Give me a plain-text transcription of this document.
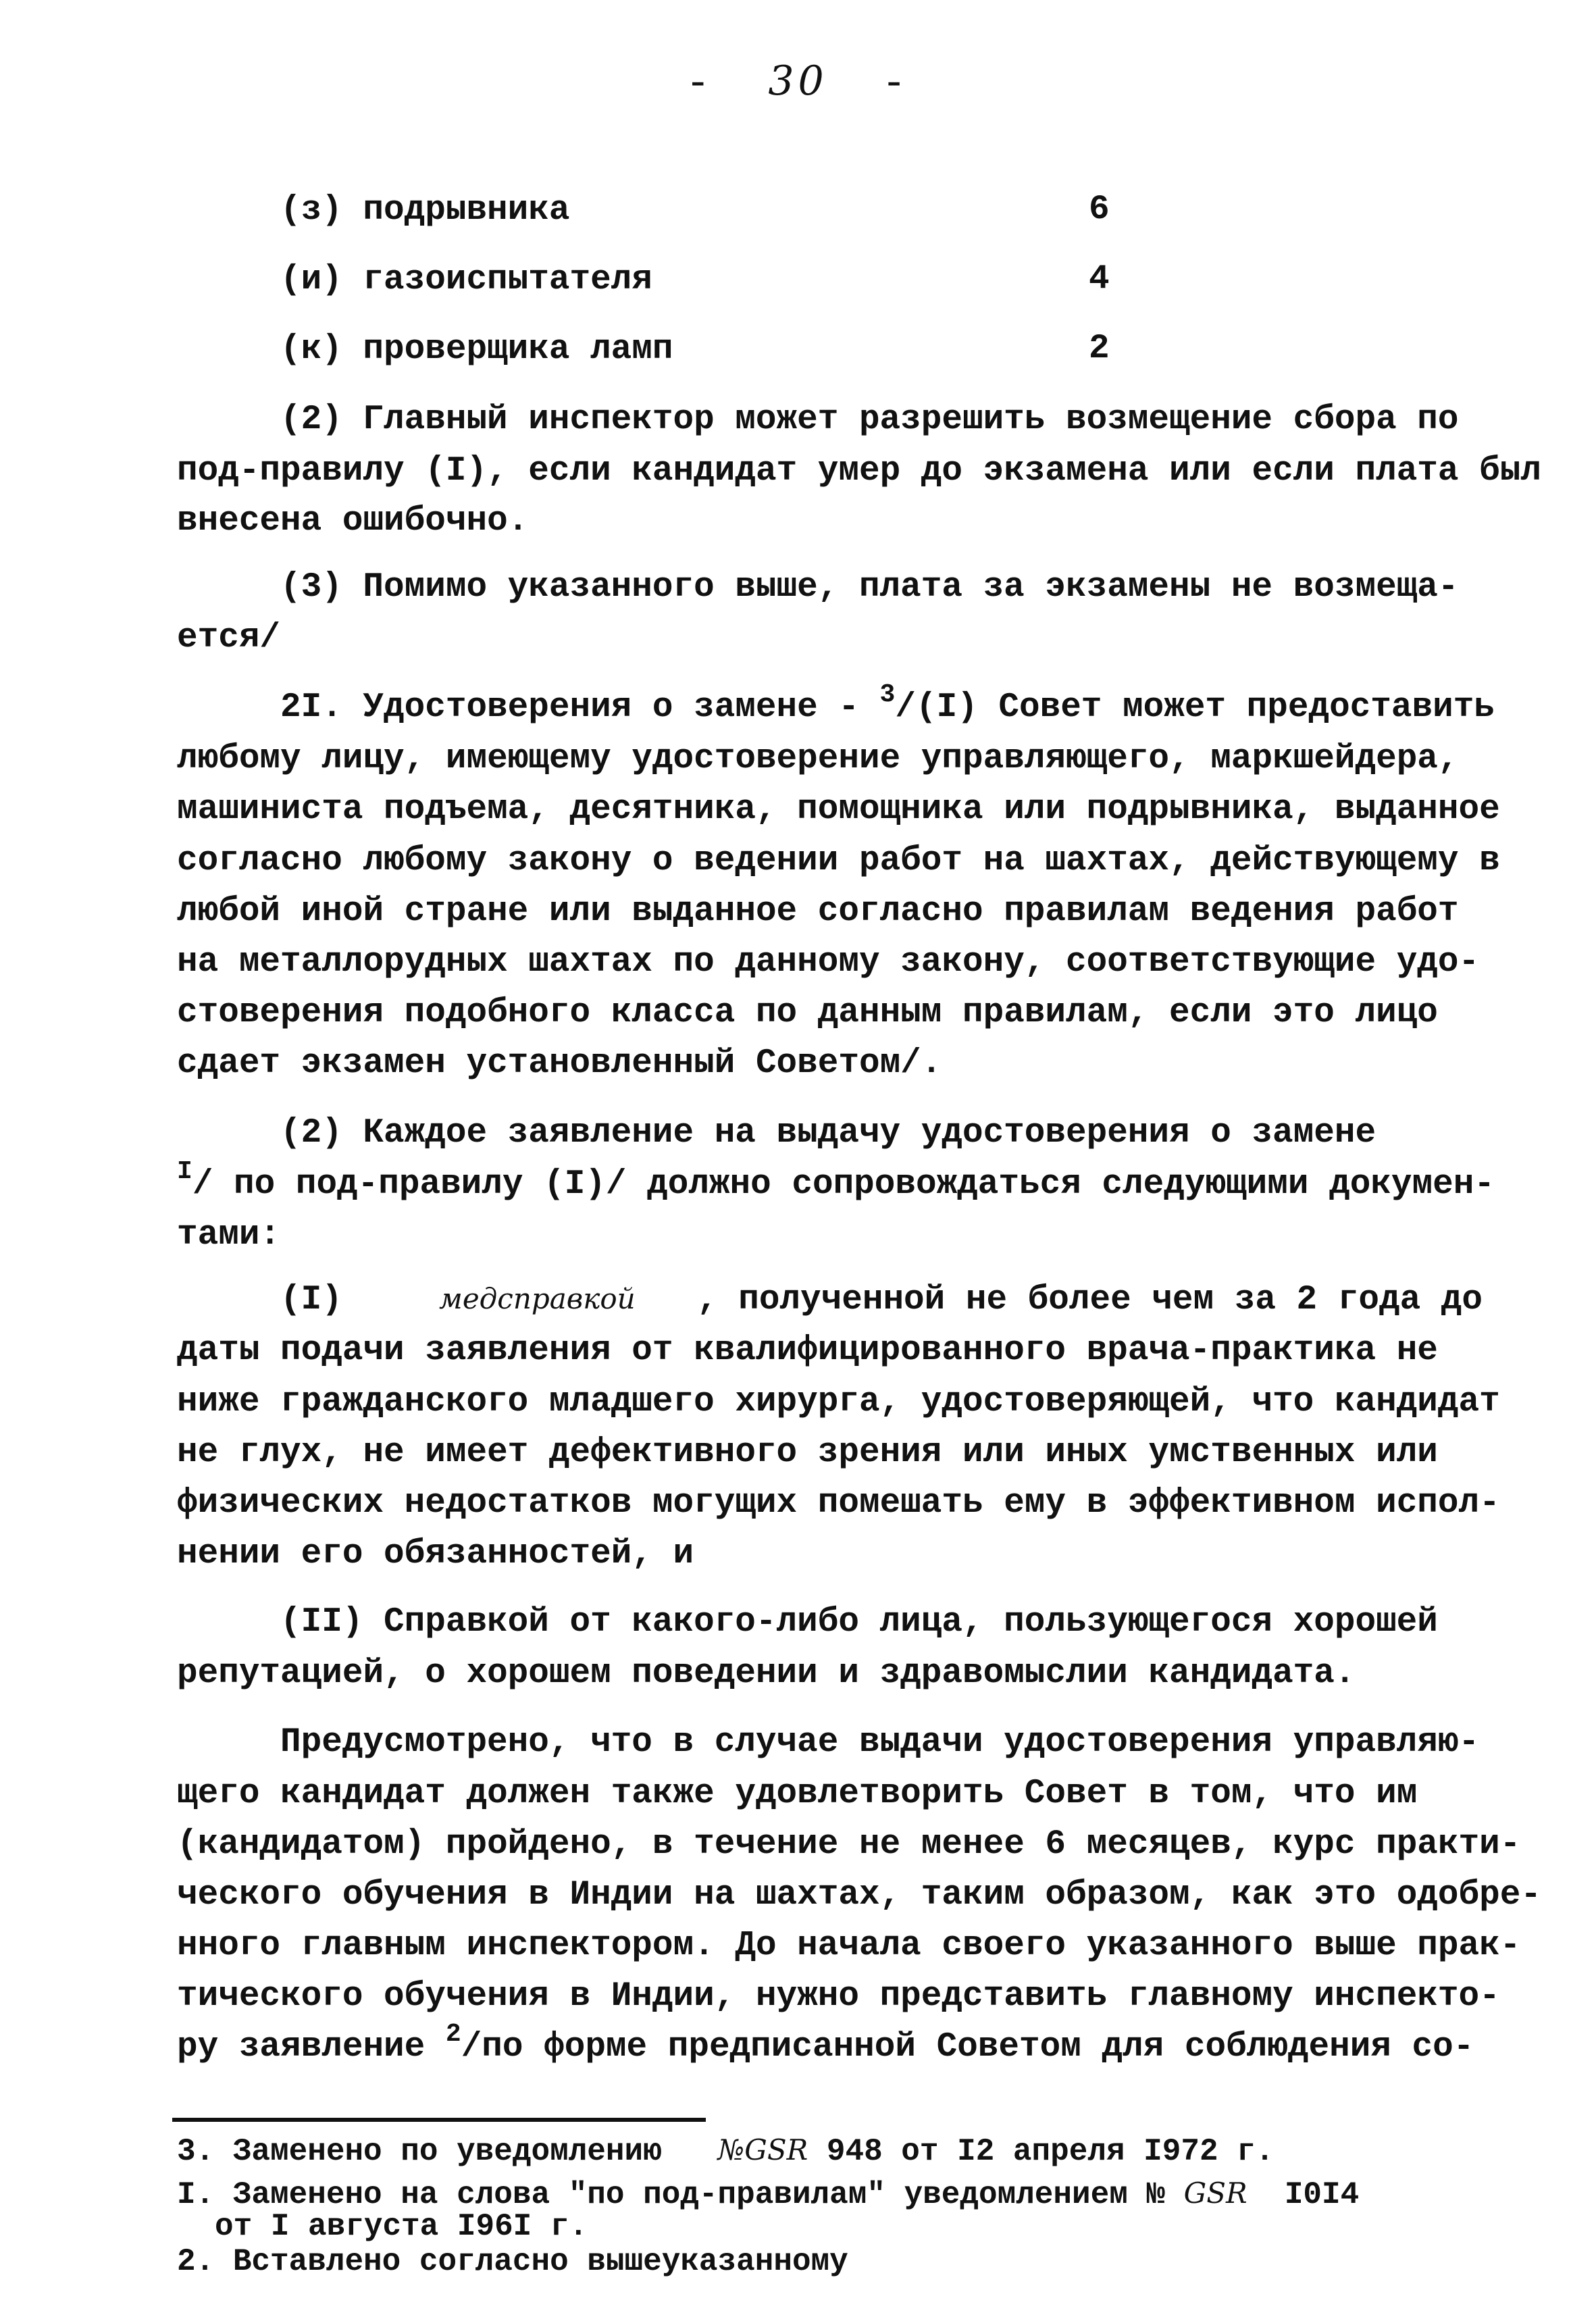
- 30 -
(з) подрывника	6
(и) газоиспытателя	4
(к) проверщика ламп	2
(2) Главный инспектор может разрешить возмещение сбора по
под-правилу (I), если кандидат умер до экзамена или если плата был
внесена ошибочно.
(3) Помимо указанного выше, плата за экзамены не возмеща-
ется/
2I. Удостоверения о замене - $^3$/(I) Совет может предоставить
любому лицу, имеющему удостоверение управляющего, маркшейдера,
машиниста подъема, десятника, помощника или подрывника, выданное
согласно любому закону о ведении работ на шахтах, действующему в
любой иной стране или выданное согласно правилам ведения работ
на металлорудных шахтах по данному закону, соответствующие удо-
стоверения подобного класса по данным правилам, если это лицо
сдает экзамен установленный Советом/.
(2) Каждое заявление на выдачу удостоверения о замене
$^I$/ по под-правилу (I)/ должно сопровождаться следующими докумен-
тами:
(I)	медсправкой , полученной не более чем за 2 года до
даты подачи заявления от квалифицированного врача-практика не
ниже гражданского младшего хирурга, удостоверяющей, что кандидат
не глух, не имеет дефективного зрения или иных умственных или
физических недостатков могущих помешать ему в эффективном испол-
нении его обязанностей, и
(II) Справкой от какого-либо лица, пользующегося хорошей
репутацией, о хорошем поведении и здравомыслии кандидата.
Предусмотрено, что в случае выдачи удостоверения управляю-
щего кандидат должен также удовлетворить Совет в том, что им
(кандидатом) пройдено, в течение не менее 6 месяцев, курс практи-
ческого обучения в Индии на шахтах, таким образом, как это одобре-
нного главным инспектором. До начала своего указанного выше прак-
тического обучения в Индии, нужно представить главному инспекто-
ру заявление $^2$/по форме предписанной Советом для соблюдения со-
3. Заменено по уведомлению №GSR 948 от I2 апреля I972 г.
I. Заменено на слова "по под-правилам" уведомлением № GSR I0I4
от I августа I96I г.
2. Вставлено согласно вышеуказанному
